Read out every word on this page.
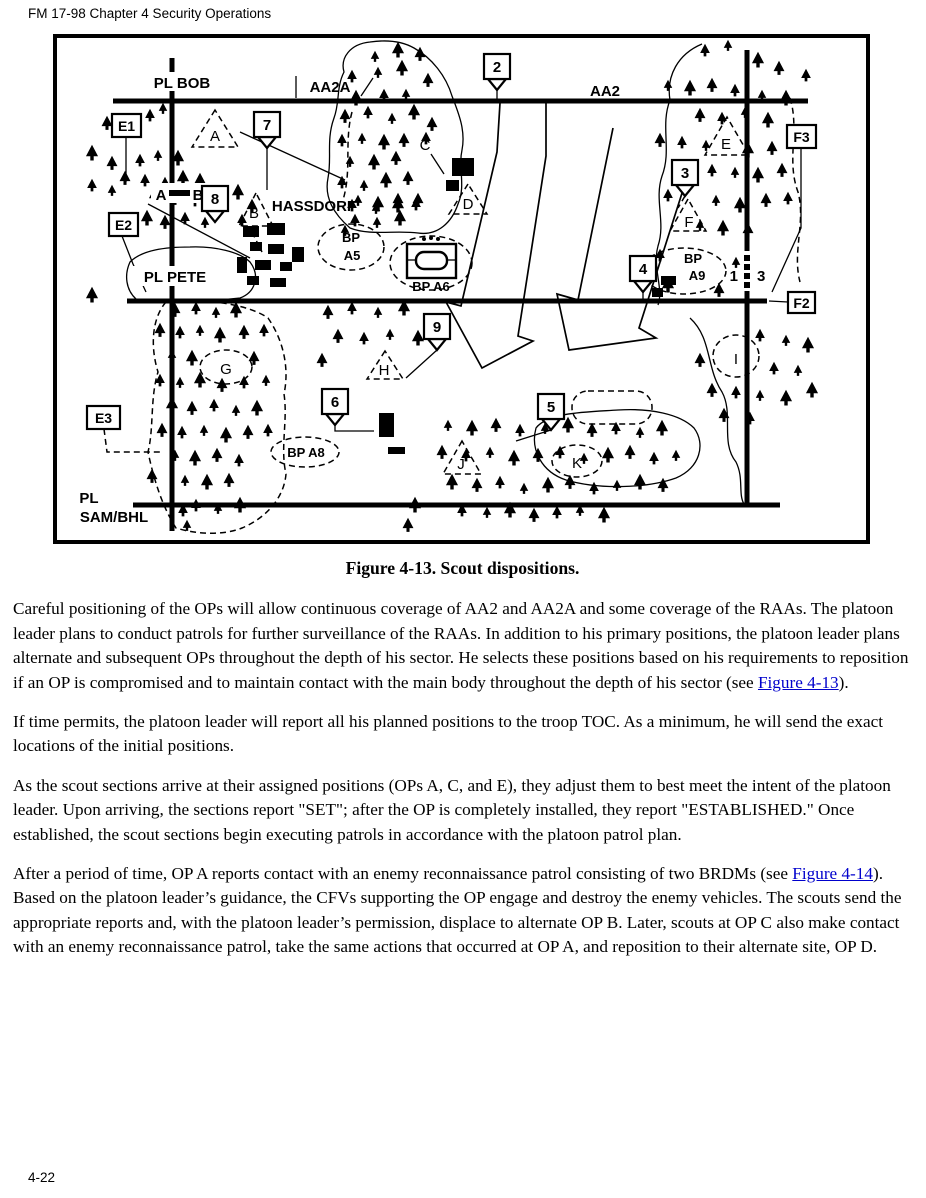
FM 17-98 Chapter 4 Security Operations
E1
E2
E3
F3
F2
2
7
8
3
4
9
6	5
PL BOB
PL PETE
PL
SAM/BHL
AA2A	AA2
HASSDORF
A
B
C
D
E
F
G	H
I
J	K
BP
A5
BP A6
BP A8
BP
A9
A B
1 3
Figure 4-13. Scout dispositions.

Careful positioning of the OPs will allow continuous coverage of AA2 and AA2A and some coverage of the RAAs. The platoon leader plans to conduct patrols for further surveillance of the RAAs. In addition to his primary positions, the platoon leader plans alternate and subsequent OPs throughout the depth of his sector. He selects these positions based on his requirements to reposition if an OP is compromised and to maintain contact with the main body throughout the depth of his sector (see Figure 4-13).

If time permits, the platoon leader will report all his planned positions to the troop TOC. As a minimum, he will send the exact locations of the initial positions.

As the scout sections arrive at their assigned positions (OPs A, C, and E), they adjust them to best meet the intent of the platoon leader. Upon arriving, the sections report "SET"; after the OP is completely installed, they report "ESTABLISHED." Once established, the scout sections begin executing patrols in accordance with the platoon patrol plan.

After a period of time, OP A reports contact with an enemy reconnaissance patrol consisting of two BRDMs (see Figure 4-14). Based on the platoon leader’s guidance, the CFVs supporting the OP engage and destroy the enemy vehicles. The scouts send the appropriate reports and, with the platoon leader’s permission, displace to alternate OP B. Later, scouts at OP C also make contact with an enemy reconnaissance patrol, take the same actions that occurred at OP A, and reposition to their alternate site, OP D.

4-22
